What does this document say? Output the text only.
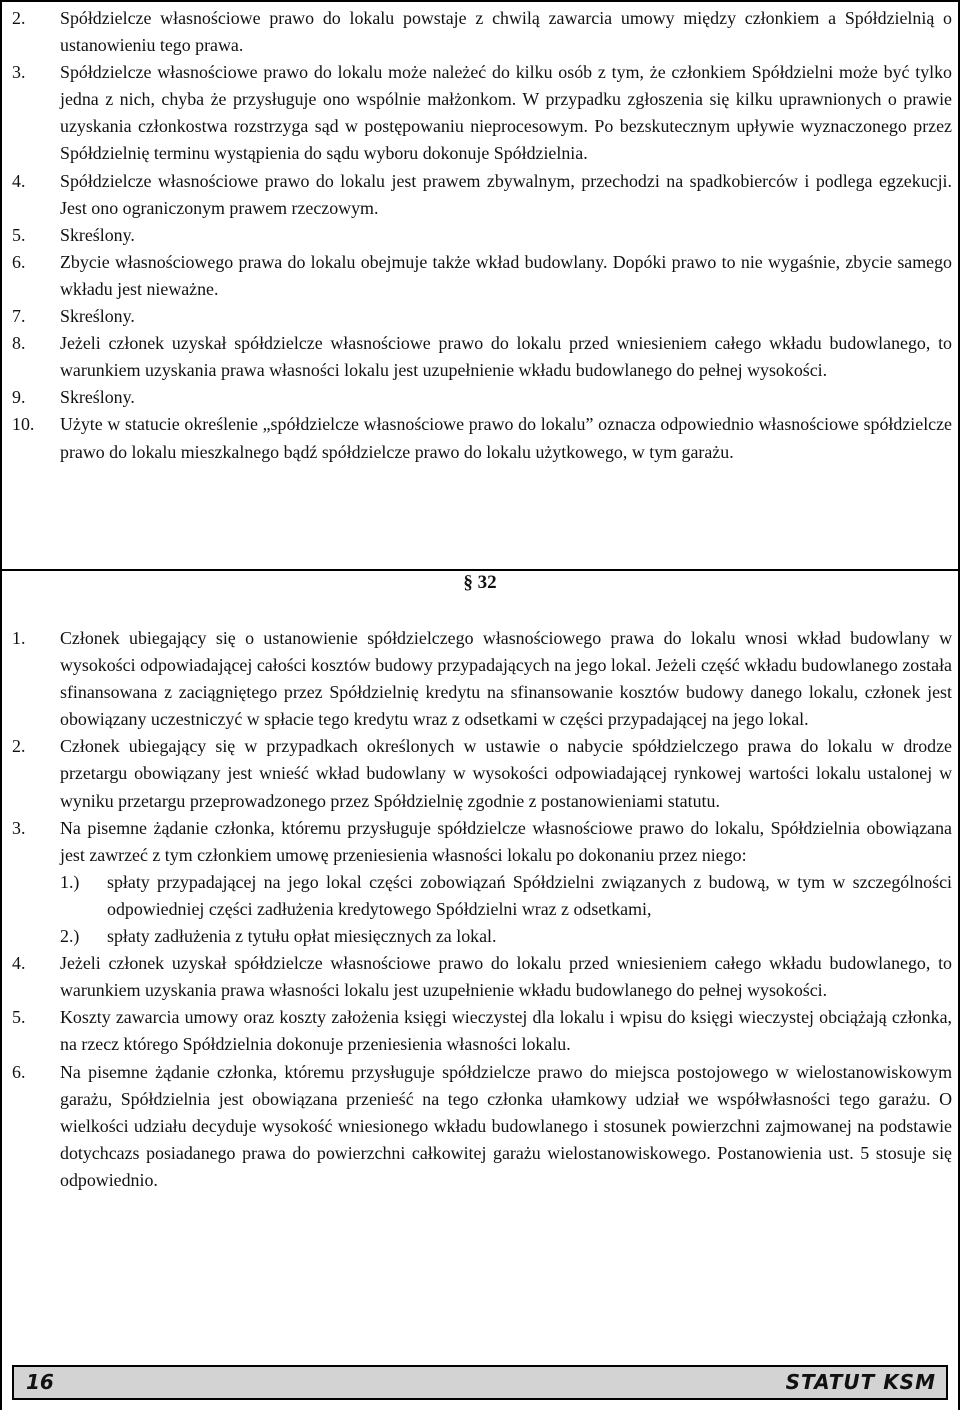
2. Spółdzielcze własnościowe prawo do lokalu powstaje z chwilą zawarcia umowy między członkiem a Spółdzielnią o ustanowieniu tego prawa.
3. Spółdzielcze własnościowe prawo do lokalu może należeć do kilku osób z tym, że członkiem Spółdzielni może być tylko jedna z nich, chyba że przysługuje ono wspólnie małżonkom. W przypadku zgłoszenia się kilku uprawnionych o prawie uzyskania członkostwa rozstrzyga sąd w postępowaniu nieprocesowym. Po bezskutecznym upływie wyznaczonego przez Spółdzielnię terminu wystąpienia do sądu wyboru dokonuje Spółdzielnia.
4. Spółdzielcze własnościowe prawo do lokalu jest prawem zbywalnym, przechodzi na spadkobierców i podlega egzekucji. Jest ono ograniczonym prawem rzeczowym.
5. Skreślony.
6. Zbycie własnościowego prawa do lokalu obejmuje także wkład budowlany. Dopóki prawo to nie wygaśnie, zbycie samego wkładu jest nieważne.
7. Skreślony.
8. Jeżeli członek uzyskał spółdzielcze własnościowe prawo do lokalu przed wniesieniem całego wkładu budowlanego, to warunkiem uzyskania prawa własności lokalu jest uzupełnienie wkładu budowlanego do pełnej wysokości.
9. Skreślony.
10. Użyte w statucie określenie „spółdzielcze własnościowe prawo do lokalu” oznacza odpowiednio własnościowe spółdzielcze prawo do lokalu mieszkalnego bądź spółdzielcze prawo do lokalu użytkowego, w tym garażu.
§ 32
1. Członek ubiegający się o ustanowienie spółdzielczego własnościowego prawa do lokalu wnosi wkład budowlany w wysokości odpowiadającej całości kosztów budowy przypadających na jego lokal. Jeżeli część wkładu budowlanego została sfinansowana z zaciągniętego przez Spółdzielnię kredytu na sfinansowanie kosztów budowy danego lokalu, członek jest obowiązany uczestniczyć w spłacie tego kredytu wraz z odsetkami w części przypadającej na jego lokal.
2. Członek ubiegający się w przypadkach określonych w ustawie o nabycie spółdzielczego prawa do lokalu w drodze przetargu obowiązany jest wnieść wkład budowlany w wysokości odpowiadającej rynkowej wartości lokalu ustalonej w wyniku przetargu przeprowadzonego przez Spółdzielnię zgodnie z postanowieniami statutu.
3. Na pisemne żądanie członka, któremu przysługuje spółdzielcze własnościowe prawo do lokalu, Spółdzielnia obowiązana jest zawrzeć z tym członkiem umowę przeniesienia własności lokalu po dokonaniu przez niego:
1.) spłaty przypadającej na jego lokal części zobowiązań Spółdzielni związanych z budową, w tym w szczególności odpowiedniej części zadłużenia kredytowego Spółdzielni wraz z odsetkami,
2.) spłaty zadłużenia z tytułu opłat miesięcznych za lokal.
4. Jeżeli członek uzyskał spółdzielcze własnościowe prawo do lokalu przed wniesieniem całego wkładu budowlanego, to warunkiem uzyskania prawa własności lokalu jest uzupełnienie wkładu budowlanego do pełnej wysokości.
5. Koszty zawarcia umowy oraz koszty założenia księgi wieczystej dla lokalu i wpisu do księgi wieczystej obciążają członka, na rzecz którego Spółdzielnia dokonuje przeniesienia własności lokalu.
6. Na pisemne żądanie członka, któremu przysługuje spółdzielcze prawo do miejsca postojowego w wielostanowiskowym garażu, Spółdzielnia jest obowiązana przenieść na tego członka ułamkowy udział we współwłasności tego garażu. O wielkości udziału decyduje wysokość wniesionego wkładu budowlanego i stosunek powierzchni zajmowanej na podstawie dotychcazs posiadanego prawa do powierzchni całkowitej garażu wielostanowiskowego. Postanowienia ust. 5 stosuje się odpowiednio.
16	STATUT KSM
